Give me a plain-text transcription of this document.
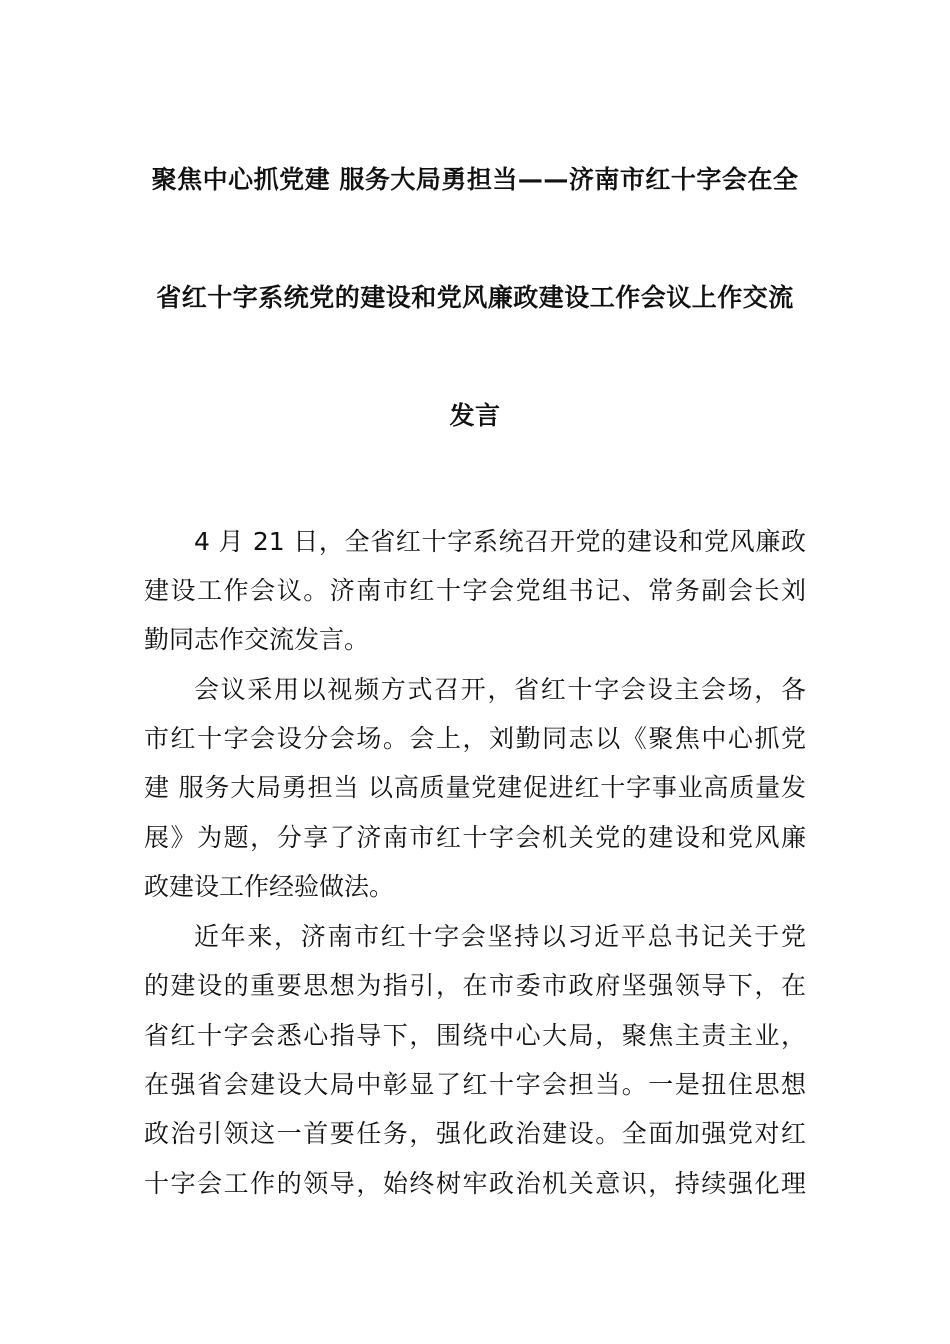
聚焦中心抓党建 服务大局勇担当——济南市红十字会在全
省红十字系统党的建设和党风廉政建设工作会议上作交流
发言
4 月 21 日，全省红十字系统召开党的建设和党风廉政
建设工作会议。济南市红十字会党组书记、常务副会长刘
勤同志作交流发言。
会议采用以视频方式召开，省红十字会设主会场，各
市红十字会设分会场。会上，刘勤同志以《聚焦中心抓党
建 服务大局勇担当 以高质量党建促进红十字事业高质量发
展》为题，分享了济南市红十字会机关党的建设和党风廉
政建设工作经验做法。
近年来，济南市红十字会坚持以习近平总书记关于党
的建设的重要思想为指引，在市委市政府坚强领导下，在
省红十字会悉心指导下，围绕中心大局，聚焦主责主业，
在强省会建设大局中彰显了红十字会担当。一是扭住思想
政治引领这一首要任务，强化政治建设。全面加强党对红
十字会工作的领导，始终树牢政治机关意识，持续强化理
